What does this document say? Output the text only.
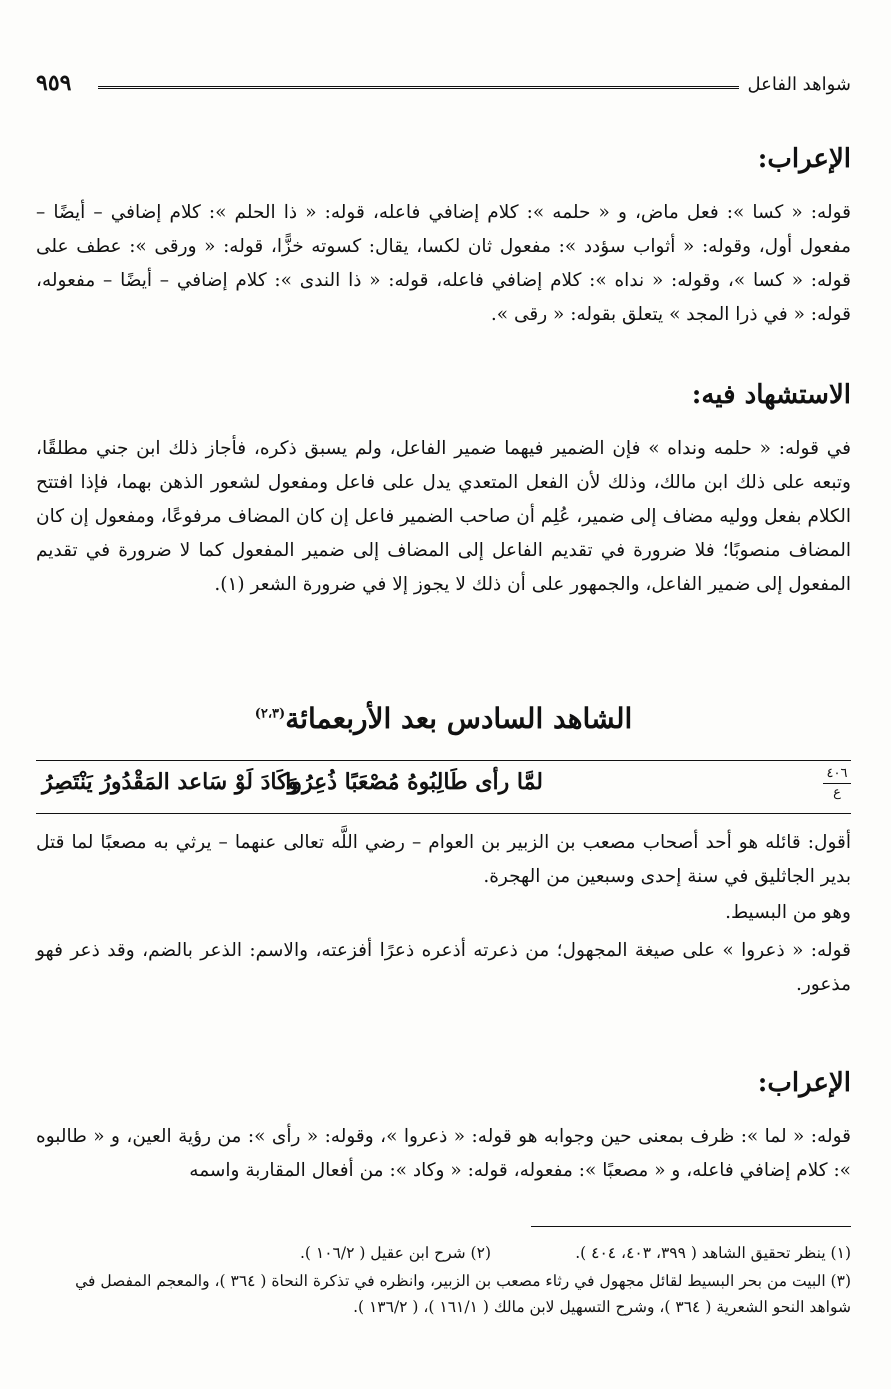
شواهد الفاعل
٩٥٩
الإعراب:

قوله: « كسا »: فعل ماض، و « حلمه »: كلام إضافي فاعله، قوله: « ذا الحلم »: كلام إضافي – أيضًا – مفعول أول، وقوله: « أثواب سؤدد »: مفعول ثان لكسا، يقال: كسوته خزًّا، قوله: « ورقى »: عطف على قوله: « كسا »، وقوله: « نداه »: كلام إضافي فاعله، قوله: « ذا الندى »: كلام إضافي – أيضًا – مفعوله، قوله: « في ذرا المجد » يتعلق بقوله: « رقى ».

الاستشهاد فيه:

في قوله: « حلمه ونداه » فإن الضمير فيهما ضمير الفاعل، ولم يسبق ذكره، فأجاز ذلك ابن جني مطلقًا، وتبعه على ذلك ابن مالك، وذلك لأن الفعل المتعدي يدل على فاعل ومفعول لشعور الذهن بهما، فإذا افتتح الكلام بفعل ووليه مضاف إلى ضمير، عُلِم أن صاحب الضمير فاعل إن كان المضاف مرفوعًا، ومفعول إن كان المضاف منصوبًا؛ فلا ضرورة في تقديم الفاعل إلى المضاف إلى ضمير المفعول كما لا ضرورة في تقديم المفعول إلى ضمير الفاعل، والجمهور على أن ذلك لا يجوز إلا في ضرورة الشعر (١).

الشاهد السادس بعد الأربعمائة$^{(٢،٣)}$
٤٠٦
ع
لمَّا رأى طَالِبُوهُ مُصْعَبًا ذُعِرُوا
وَكَادَ لَوْ سَاعد المَقْدُورُ يَنْتَصِرُ

أقول: قائله هو أحد أصحاب مصعب بن الزبير بن العوام – رضي اللَّه تعالى عنهما – يرثي به مصعبًا لما قتل بدير الجاثليق في سنة إحدى وسبعين من الهجرة.

وهو من البسيط.

قوله: « ذعروا » على صيغة المجهول؛ من ذعرته أذعره ذعرًا أفزعته، والاسم: الذعر بالضم، وقد ذعر فهو مذعور.

الإعراب:

قوله: « لما »: ظرف بمعنى حين وجوابه هو قوله: « ذعروا »، وقوله: « رأى »: من رؤية العين، و « طالبوه »: كلام إضافي فاعله، و « مصعبًا »: مفعوله، قوله: « وكاد »: من أفعال المقاربة واسمه

(١) ينظر تحقيق الشاهد ( ٣٩٩، ٤٠٣، ٤٠٤ ).
(٢) شرح ابن عقيل ( ١٠٦/٢ ).

(٣) البيت من بحر البسيط لقائل مجهول في رثاء مصعب بن الزبير، وانظره في تذكرة النحاة ( ٣٦٤ )، والمعجم المفصل في شواهد النحو الشعرية ( ٣٦٤ )، وشرح التسهيل لابن مالك ( ١٦١/١ )، ( ١٣٦/٢ ).
